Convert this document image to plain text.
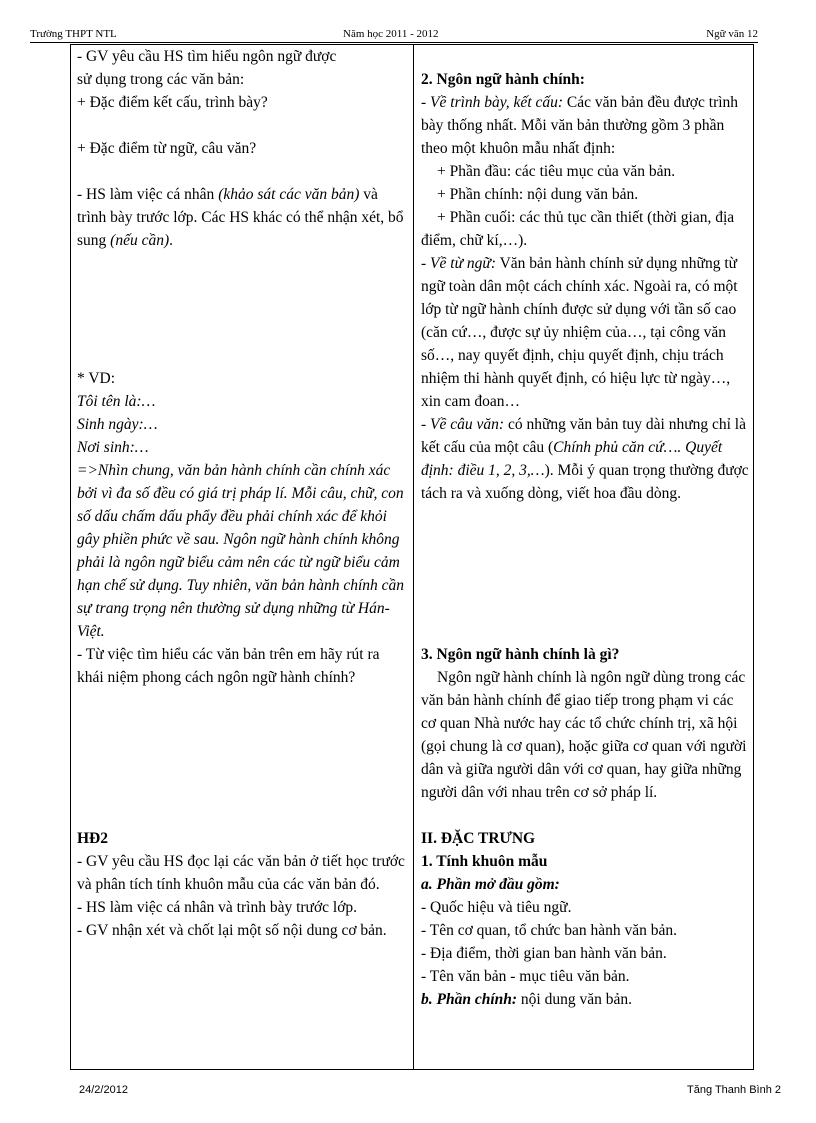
Trường THPT NTL	Năm học 2011 - 2012	Ngữ văn 12

- GV yêu cầu HS tìm hiểu ngôn ngữ được

sử dụng trong các văn bản:

+ Đặc điểm kết cấu, trình bày?

+ Đặc điểm từ ngữ, câu văn?

- HS làm việc cá nhân (khảo sát các văn bản) và trình bày trước lớp. Các HS khác có thể nhận xét, bổ sung (nếu cần).

* VD:

Tôi tên là:…

Sinh ngày:…

Nơi sinh:…

=>Nhìn chung, văn bản hành chính cần chính xác bởi vì đa số đều có giá trị pháp lí. Mỗi câu, chữ, con số dấu chấm dấu phẩy đều phải chính xác để khỏi gây phiền phức về sau. Ngôn ngữ hành chính không phải là ngôn ngữ biểu cảm nên các từ ngữ biểu cảm hạn chế sử dụng. Tuy nhiên, văn bản hành chính cần sự trang trọng nên thường sử dụng những từ Hán- Việt.

- Từ việc tìm hiểu các văn bản trên em hãy rút ra khái niệm phong cách ngôn ngữ hành chính?

HĐ2

- GV yêu cầu HS đọc lại các văn bản ở tiết học trước và phân tích tính khuôn mẫu của các văn bản đó.

- HS làm việc cá nhân và trình bày trước lớp.

- GV nhận xét và chốt lại một số nội dung cơ bản.

2. Ngôn ngữ hành chính:

- Về trình bày, kết cấu: Các văn bản đều được trình bày thống nhất. Mỗi văn bản thường gồm 3 phần theo một khuôn mẫu nhất định:

+ Phần đầu: các tiêu mục của văn bản.

+ Phần chính: nội dung văn bản.

+ Phần cuối: các thủ tục cần thiết (thời gian, địa điểm, chữ kí,…).

- Về từ ngữ: Văn bản hành chính sử dụng những từ ngữ toàn dân một cách chính xác. Ngoài ra, có một lớp từ ngữ hành chính được sử dụng với tần số cao (căn cứ…, được sự ủy nhiệm của…, tại công văn số…, nay quyết định, chịu quyết định, chịu trách nhiệm thi hành quyết định, có hiệu lực từ ngày…, xin cam đoan…

- Về câu văn: có những văn bản tuy dài nhưng chỉ là kết cấu của một câu (Chính phủ căn cứ…. Quyết định: điều 1, 2, 3,…). Mỗi ý quan trọng thường được tách ra và xuống dòng, viết hoa đầu dòng.

3. Ngôn ngữ hành chính là gì?

Ngôn ngữ hành chính là ngôn ngữ dùng trong các văn bản hành chính để giao tiếp trong phạm vi các cơ quan Nhà nước hay các tổ chức chính trị, xã hội (gọi chung là cơ quan), hoặc giữa cơ quan với người dân và giữa người dân với cơ quan, hay giữa những người dân với nhau trên cơ sở pháp lí.

II. ĐẶC TRƯNG

1. Tính khuôn mẫu

a. Phần mở đầu gồm:

- Quốc hiệu và tiêu ngữ.

- Tên cơ quan, tổ chức ban hành văn bản.

- Địa điểm, thời gian ban hành văn bản.

- Tên văn bản - mục tiêu văn bản.

b. Phần chính: nội dung văn bản.

24/2/2012	Tăng Thanh Bình 2
